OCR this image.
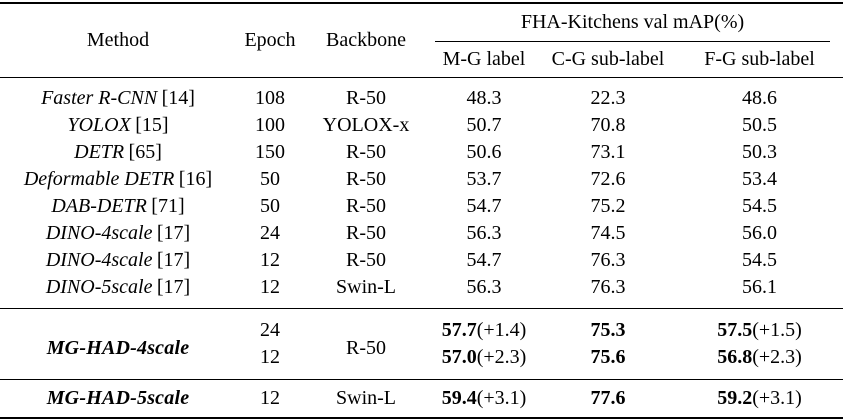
Method	Epoch	Backbone	FHA-Kitchens val mAP(%)		

			M-G label	C-G sub-label	F-G sub-label
Faster R-CNN [14]	108	R-50	48.3	22.3	48.6
YOLOX [15]	100	YOLOX-x	50.7	70.8	50.5
DETR [65]	150	R-50	50.6	73.1	50.3
Deformable DETR [16]	50	R-50	53.7	72.6	53.4
DAB-DETR [71]	50	R-50	54.7	75.2	54.5
DINO-4scale [17]	24	R-50	56.3	74.5	56.0
DINO-4scale [17]	12	R-50	54.7	76.3	54.5
DINO-5scale [17]	12	Swin-L	56.3	76.3	56.1
MG-HAD-4scale	24	R-50	57.7(+1.4)	75.3	57.5(+1.5)
	12		57.0(+2.3)	75.6	56.8(+2.3)
MG-HAD-5scale	12	Swin-L	59.4(+3.1)	77.6	59.2(+3.1)
